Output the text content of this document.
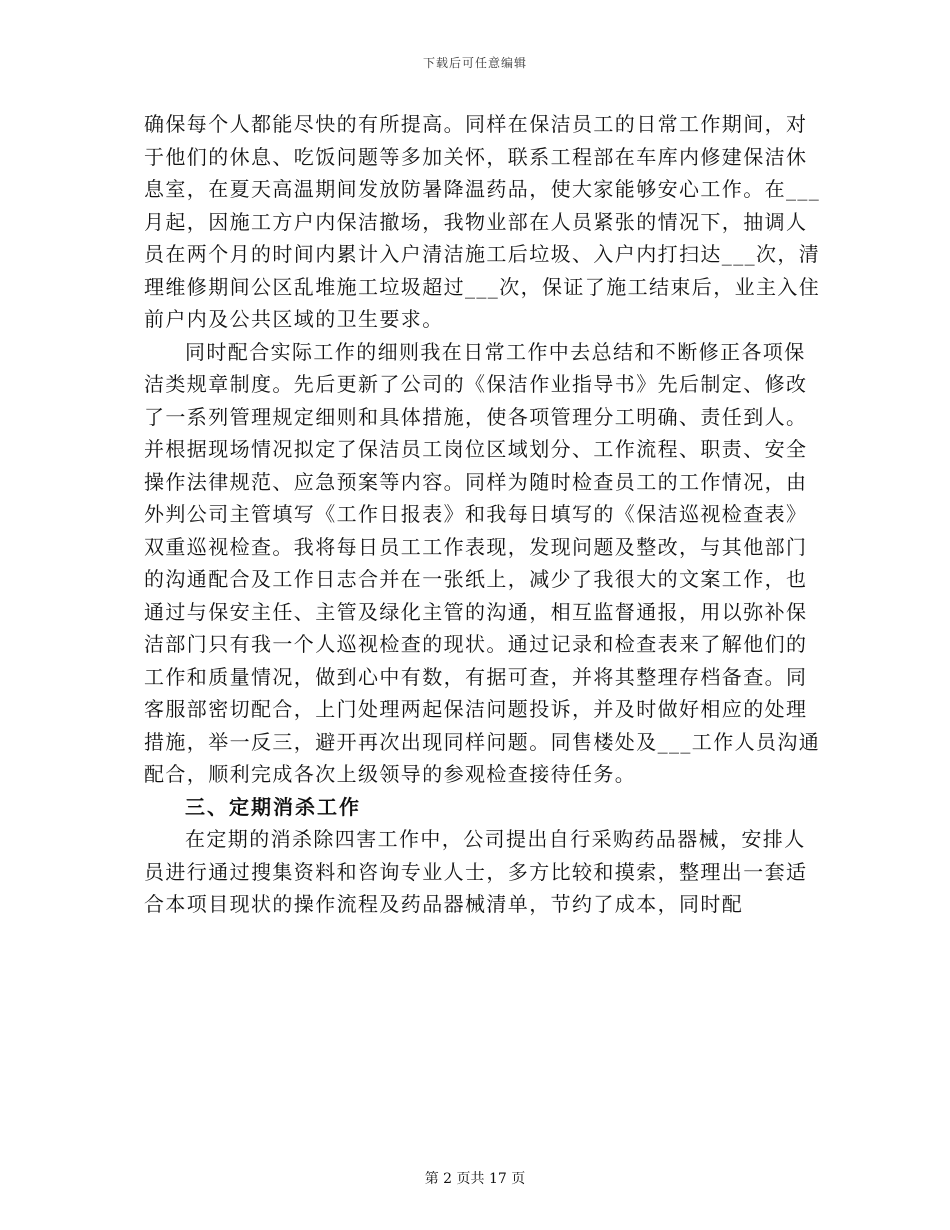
下载后可任意编辑

确保每个人都能尽快的有所提高。同样在保洁员工的日常工作期间，对于他们的休息、吃饭问题等多加关怀，联系工程部在车库内修建保洁休息室，在夏天高温期间发放防暑降温药品，使大家能够安心工作。在___月起，因施工方户内保洁撤场，我物业部在人员紧张的情况下，抽调人员在两个月的时间内累计入户清洁施工后垃圾、入户内打扫达___次，清理维修期间公区乱堆施工垃圾超过___次，保证了施工结束后，业主入住前户内及公共区域的卫生要求。

同时配合实际工作的细则我在日常工作中去总结和不断修正各项保洁类规章制度。先后更新了公司的《保洁作业指导书》先后制定、修改了一系列管理规定细则和具体措施，使各项管理分工明确、责任到人。并根据现场情况拟定了保洁员工岗位区域划分、工作流程、职责、安全操作法律规范、应急预案等内容。同样为随时检查员工的工作情况，由外判公司主管填写《工作日报表》和我每日填写的《保洁巡视检查表》双重巡视检查。我将每日员工工作表现，发现问题及整改，与其他部门的沟通配合及工作日志合并在一张纸上，减少了我很大的文案工作，也通过与保安主任、主管及绿化主管的沟通，相互监督通报，用以弥补保洁部门只有我一个人巡视检查的现状。通过记录和检查表来了解他们的工作和质量情况，做到心中有数，有据可查，并将其整理存档备查。同客服部密切配合，上门处理两起保洁问题投诉，并及时做好相应的处理措施，举一反三，避开再次出现同样问题。同售楼处及___工作人员沟通配合，顺利完成各次上级领导的参观检查接待任务。

三、定期消杀工作

在定期的消杀除四害工作中，公司提出自行采购药品器械，安排人员进行通过搜集资料和咨询专业人士，多方比较和摸索，整理出一套适合本项目现状的操作流程及药品器械清单，节约了成本，同时配

第 2 页共 17 页
